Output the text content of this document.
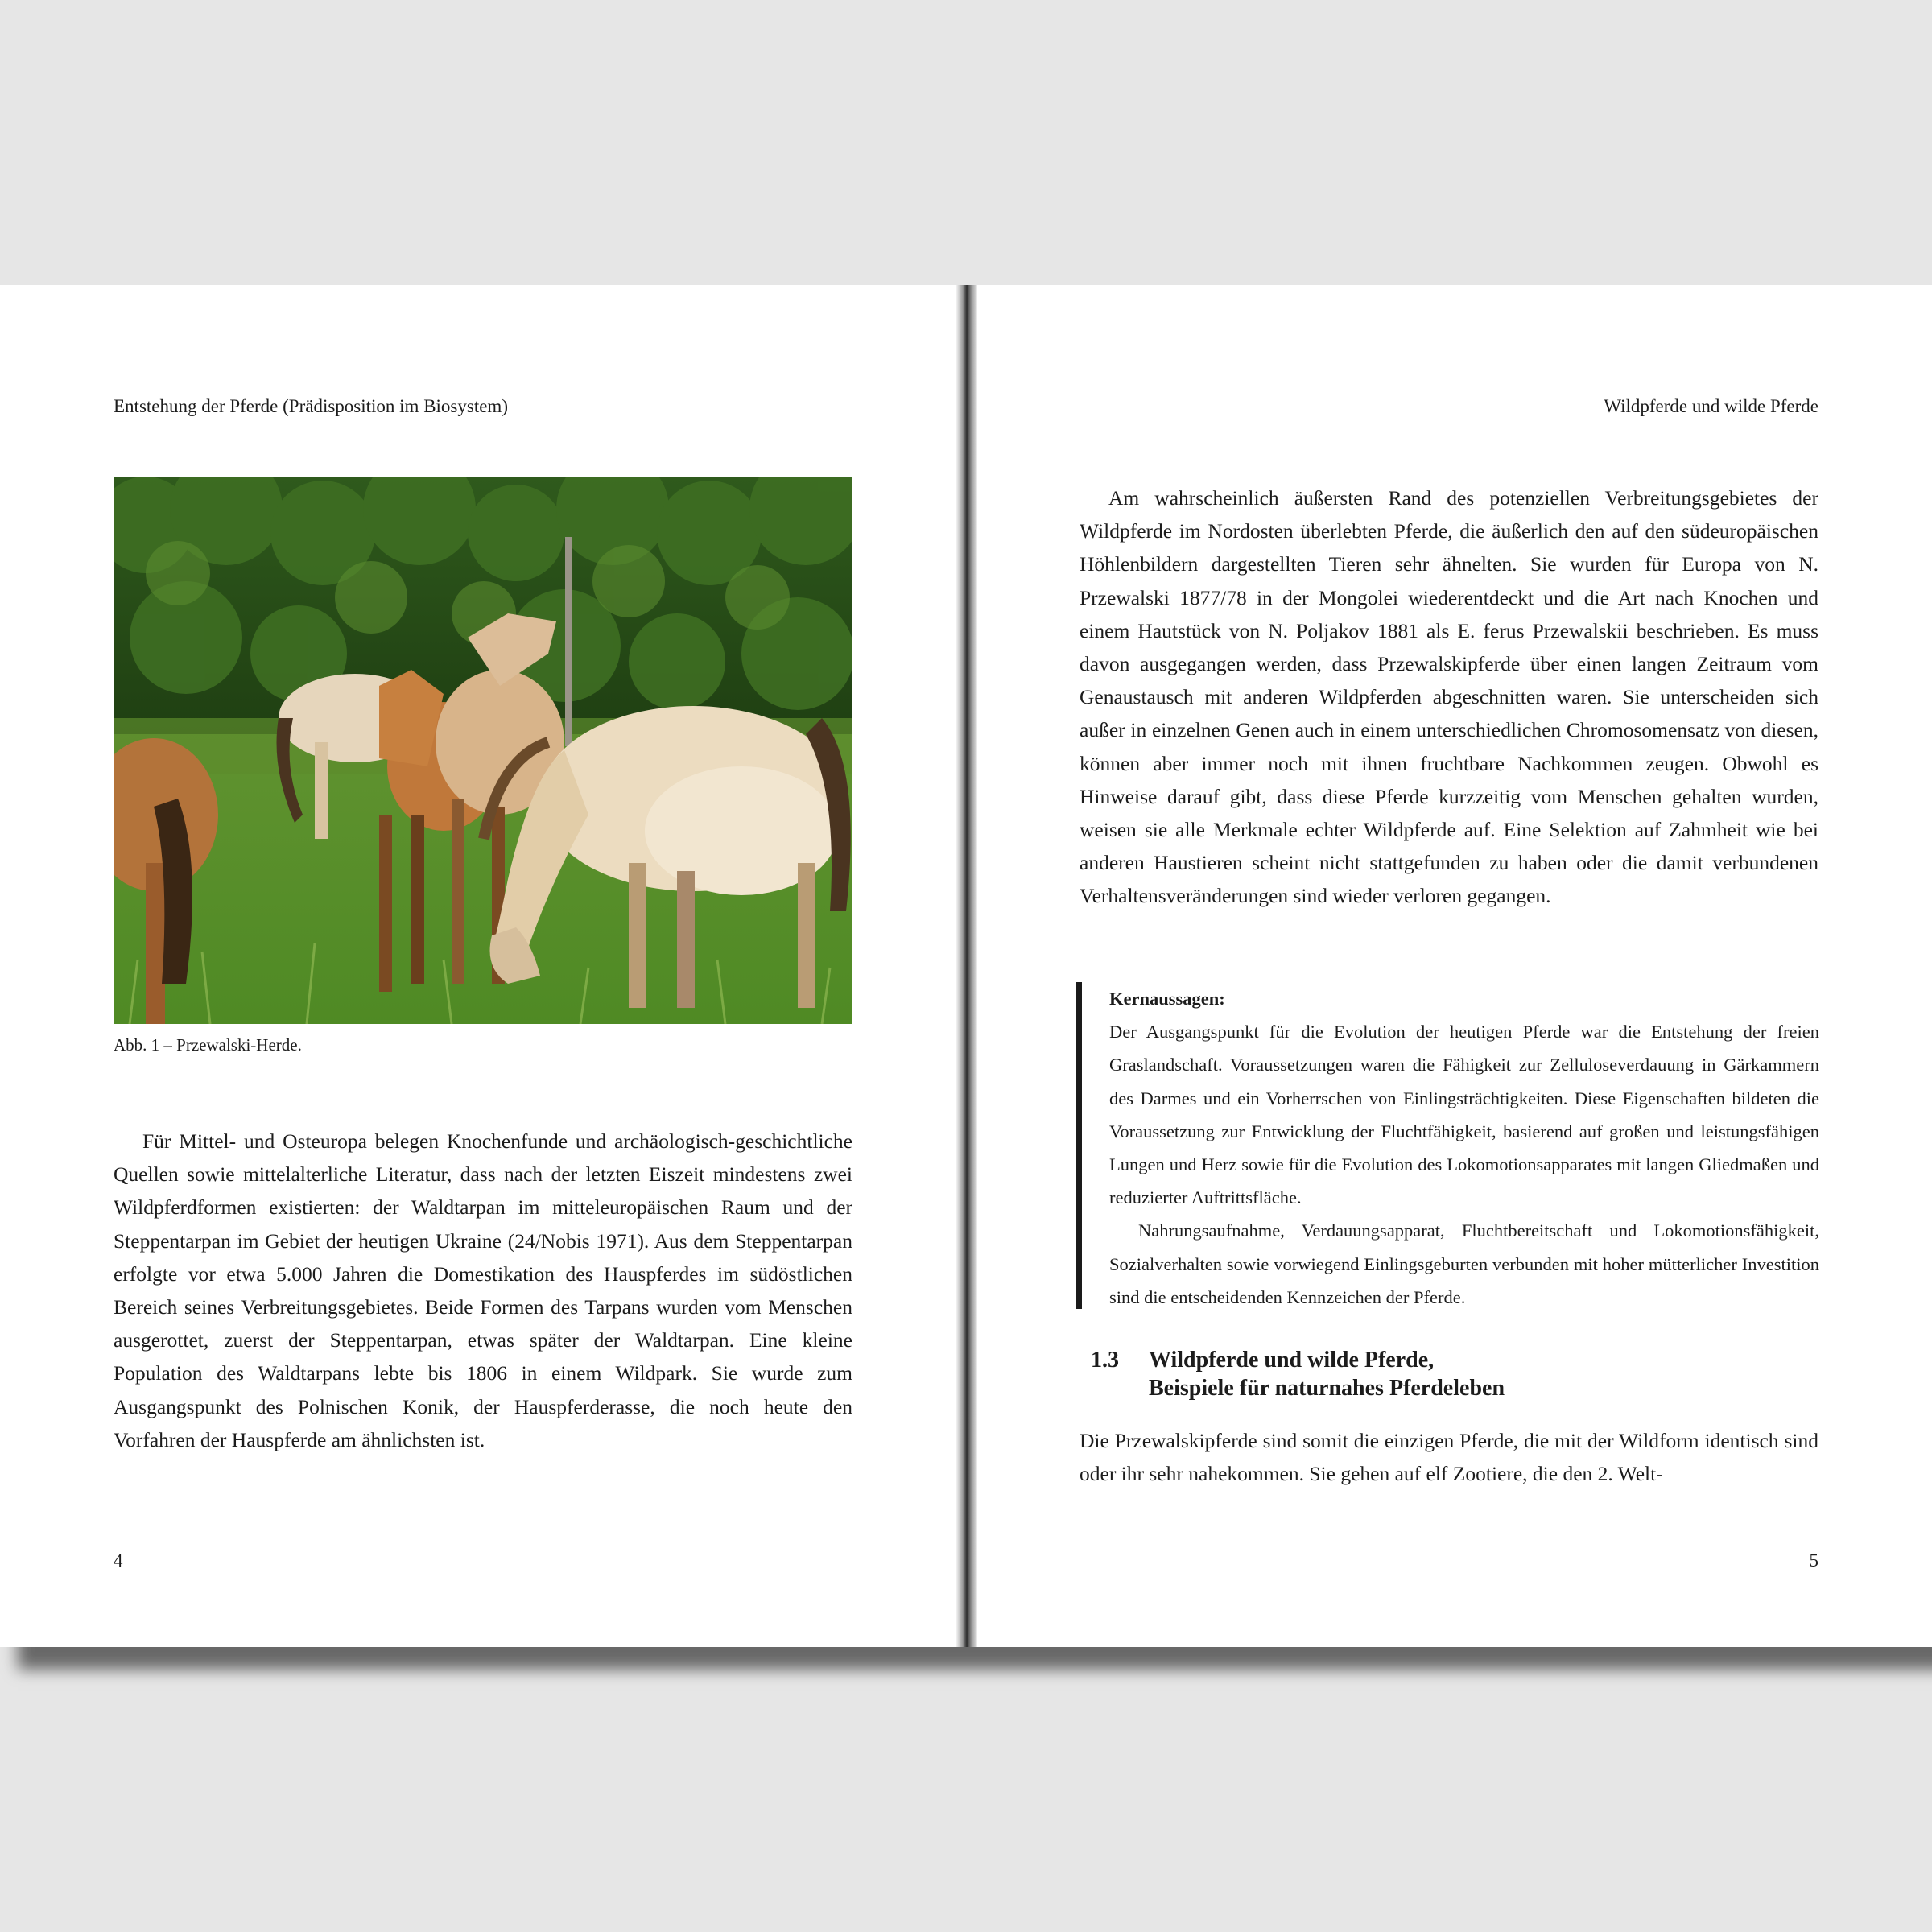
Entstehung der Pferde (Prädisposition im Biosystem)
Abb. 1 – Przewalski-Herde.

Für Mittel- und Osteuropa belegen Knochenfunde und archäologisch-geschichtliche Quellen sowie mittelalterliche Literatur, dass nach der letzten Eiszeit mindestens zwei Wildpferdformen existierten: der Waldtarpan im mitteleuropäischen Raum und der Steppentarpan im Gebiet der heutigen Ukraine (24/​Nobis 1971). Aus dem Steppentarpan erfolgte vor etwa 5.000 Jahren die Domestikation des Hauspferdes im südöstlichen Bereich seines Verbreitungsgebietes. Beide Formen des Tarpans wurden vom Menschen ausgerottet, zuerst der Steppentarpan, etwas später der Waldtarpan. Eine kleine Population des Waldtarpans lebte bis 1806 in einem Wildpark. Sie wurde zum Ausgangspunkt des Polnischen Konik, der Hauspferderasse, die noch heute den Vorfahren der Hauspferde am ähnlichsten ist.

4
Wildpferde und wilde Pferde

Am wahrscheinlich äußersten Rand des potenziellen Verbreitungsgebietes der Wildpferde im Nordosten überlebten Pferde, die äußerlich den auf den südeuropäischen Höhlenbildern dargestellten Tieren sehr ähnelten. Sie wurden für Europa von N. Przewalski 1877/78 in der Mongolei wiederentdeckt und die Art nach Knochen und einem Hautstück von N. Poljakov 1881 als E. ferus Przewalskii beschrieben. Es muss davon ausgegangen werden, dass Przewalskipferde über einen langen Zeitraum vom Genaustausch mit anderen Wildpferden abgeschnitten waren. Sie unterscheiden sich außer in einzelnen Genen auch in einem unterschiedlichen Chromosomensatz von diesen, können aber immer noch mit ihnen fruchtbare Nachkommen zeugen. Obwohl es Hinweise darauf gibt, dass diese Pferde kurzzeitig vom Menschen gehalten wurden, weisen sie alle Merkmale echter Wildpferde auf. Eine Selektion auf Zahmheit wie bei anderen Haustieren scheint nicht stattgefunden zu haben oder die damit verbundenen Verhaltensveränderungen sind wieder verloren gegangen.

Kernaussagen:

Der Ausgangspunkt für die Evolution der heutigen Pferde war die Entstehung der freien Graslandschaft. Voraussetzungen waren die Fähigkeit zur Zelluloseverdauung in Gärkammern des Darmes und ein Vorherrschen von Einlingsträchtigkeiten. Diese Eigenschaften bildeten die Voraussetzung zur Entwicklung der Fluchtfähigkeit, basierend auf großen und leistungsfähigen Lungen und Herz sowie für die Evolution des Lokomotionsapparates mit langen Gliedmaßen und reduzierter Auftrittsfläche.

Nahrungsaufnahme, Verdauungsapparat, Fluchtbereitschaft und Lokomotionsfähigkeit, Sozialverhalten sowie vorwiegend Einlingsgeburten verbunden mit hoher mütterlicher Investition sind die entscheidenden Kennzeichen der Pferde.

1.3 Wildpferde und wilde Pferde,
Beispiele für naturnahes Pferdeleben

Die Przewalskipferde sind somit die einzigen Pferde, die mit der Wildform identisch sind oder ihr sehr nahekommen. Sie gehen auf elf Zootiere, die den 2. Welt-

5
